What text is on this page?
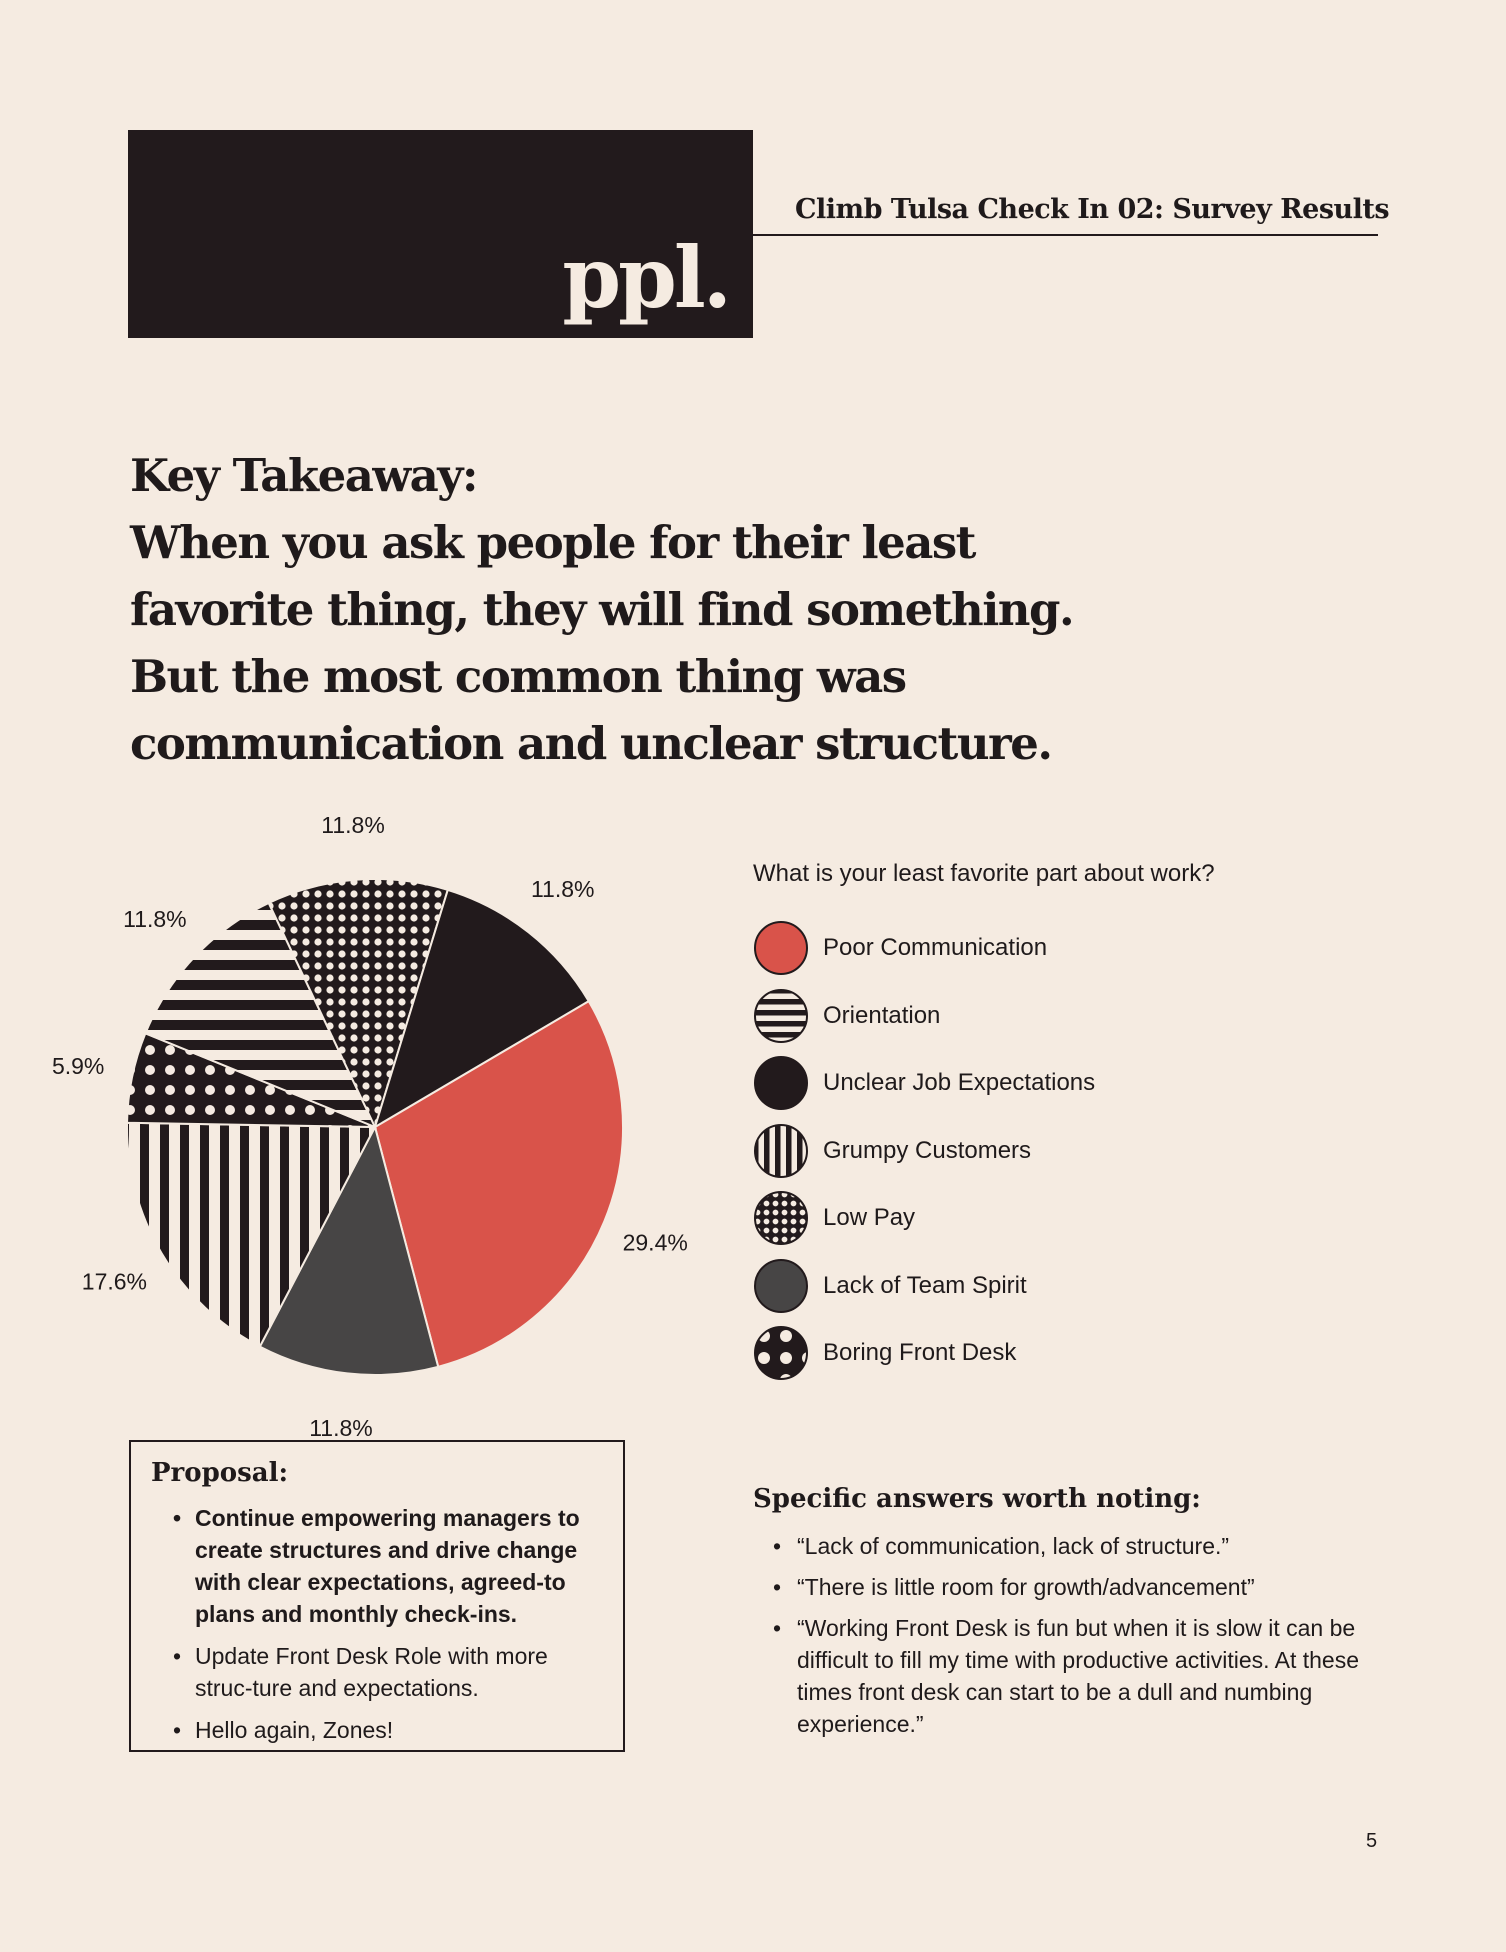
ppl.
Climb Tulsa Check In 02: Survey Results
Key Takeaway:
When you ask people for their least
favorite thing, they will find something.
But the most common thing was
communication and unclear structure.
29.4%
11.8%
17.6%
5.9%
11.8%
11.8%
11.8%
What is your least favorite part about work?
Poor Communication
Orientation
Unclear Job Expectations
Grumpy Customers
Low Pay
Lack of Team Spirit
Boring Front Desk
Proposal:
• Continue empowering managers to create structures and drive change with clear expectations, agreed-to plans and monthly check-ins.
• Update Front Desk Role with more struc-ture and expectations.
• Hello again, Zones!
Specific answers worth noting:
• “Lack of communication, lack of structure.”
• “There is little room for growth/advancement”
• “Working Front Desk is fun but when it is slow it can be difficult to fill my time with productive activities. At these times front desk can start to be a dull and numbing experience.”
5
